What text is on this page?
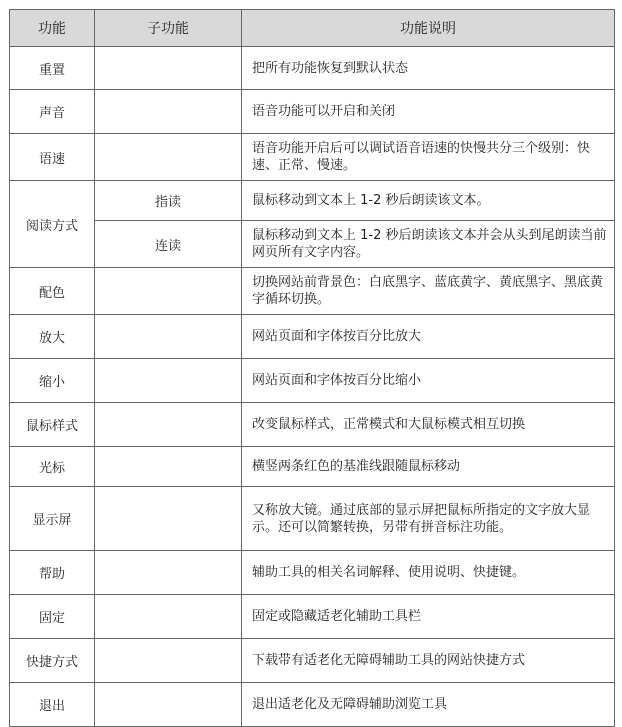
功能	子功能	功能说明
重置		把所有功能恢复到默认状态
声音		语音功能可以开启和关闭
语速		语音功能开启后可以调试语音语速的快慢共分三个级别：快速、正常、慢速。
阅读方式	指读	鼠标移动到文本上 1-2 秒后朗读该文本。
	连读	鼠标移动到文本上 1-2 秒后朗读该文本并会从头到尾朗读当前网页所有文字内容。
配色		切换网站前背景色：白底黑字、蓝底黄字、黄底黑字、黑底黄字循环切换。
放大		网站页面和字体按百分比放大
缩小		网站页面和字体按百分比缩小
鼠标样式		改变鼠标样式，正常模式和大鼠标模式相互切换
光标		横竖两条红色的基准线跟随鼠标移动
显示屏		又称放大镜。通过底部的显示屏把鼠标所指定的文字放大显示。还可以简繁转换，另带有拼音标注功能。
帮助		辅助工具的相关名词解释、使用说明、快捷键。
固定		固定或隐藏适老化辅助工具栏
快捷方式		下载带有适老化无障碍辅助工具的网站快捷方式
退出		退出适老化及无障碍辅助浏览工具
